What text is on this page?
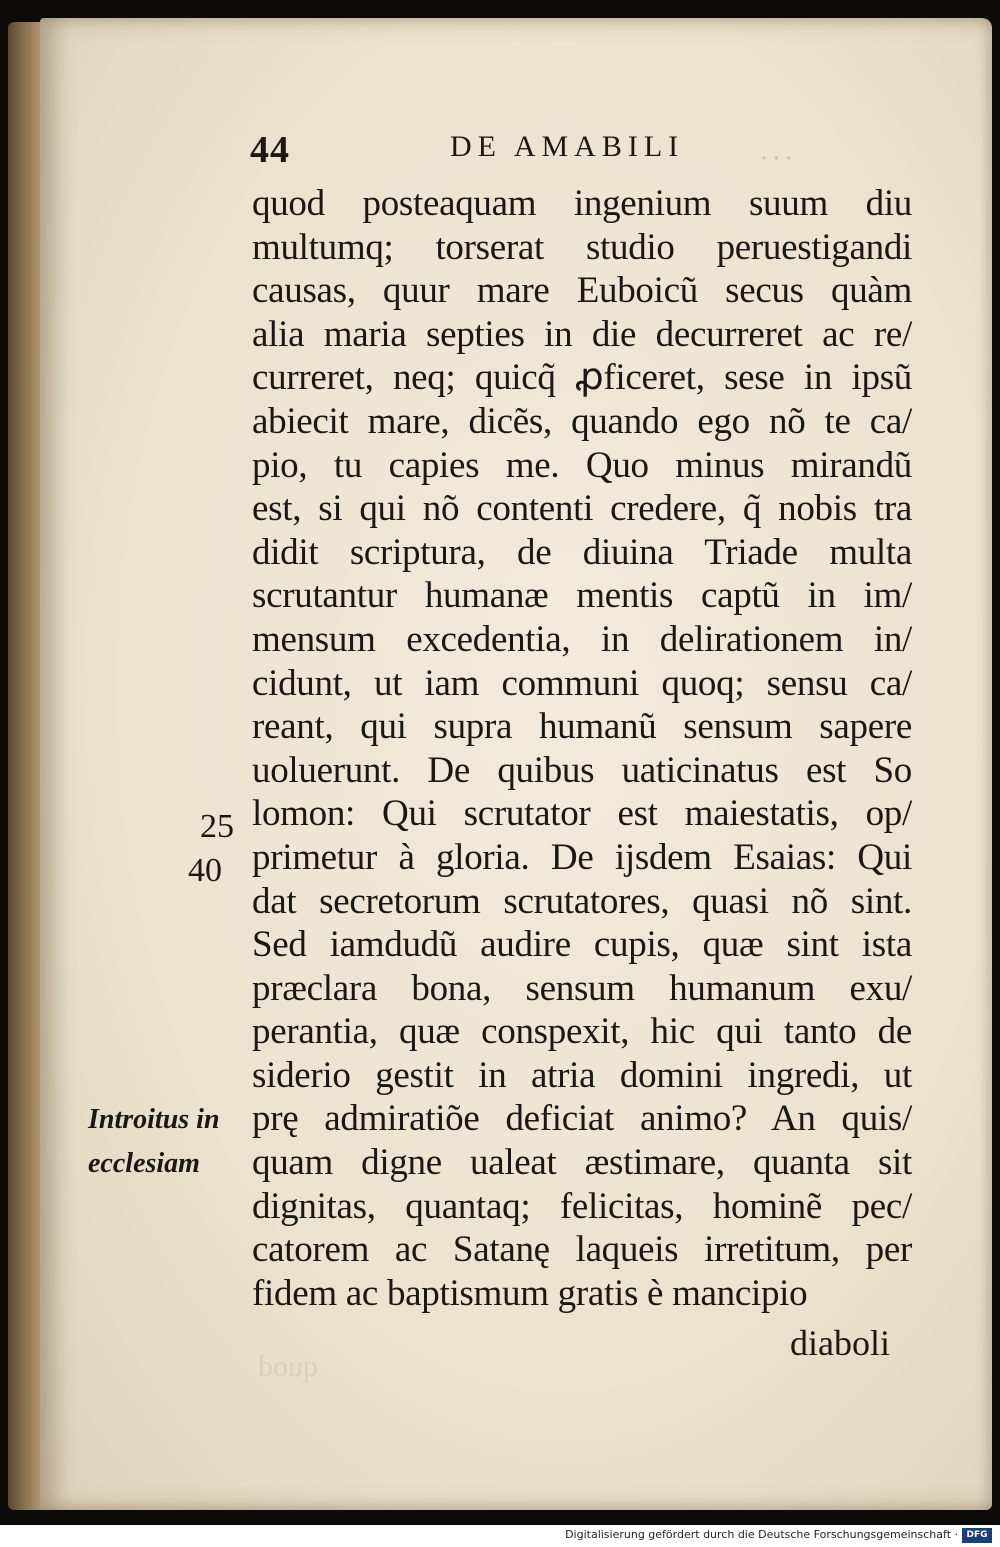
44	DE AMABILI	...
quod posteaquam ingenium suum diu
multumq; torserat studio peruestigandi
causas, quur mare Euboicũ secus quàm
alia maria septies in die decurreret ac re/
curreret, neq; quicq̃ ꝓficeret, sese in ipsũ
abiecit mare, dicẽs, quando ego nõ te ca/
pio, tu capies me. Quo minus mirandũ
est, si qui nõ contenti credere, q̃ nobis tra
didit scriptura, de diuina Triade multa
scrutantur humanæ mentis captũ in im/
mensum excedentia, in delirationem in/
cidunt, ut iam communi quoq; sensu ca/
reant, qui supra humanũ sensum sapere
uoluerunt. De quibus uaticinatus est So
lomon: Qui scrutator est maiestatis, op/
primetur à gloria. De ijsdem Esaias: Qui
dat secretorum scrutatores, quasi nõ sint.
Sed iamdudũ audire cupis, quæ sint ista
præclara bona, sensum humanum exu/
perantia, quæ conspexit, hic qui tanto de
siderio gestit in atria domini ingredi, ut
prę admiratiõe deficiat animo? An quis/
quam digne ualeat æstimare, quanta sit
dignitas, quantaq; felicitas, hominẽ pec/
catorem ac Satanę laqueis irretitum, per
fidem ac baptismum gratis è mancipio
25
40
Introitus in
ecclesiam
diaboli
quod
Digitalisierung gefördert durch die Deutsche Forschungsgemeinschaft · DFG
